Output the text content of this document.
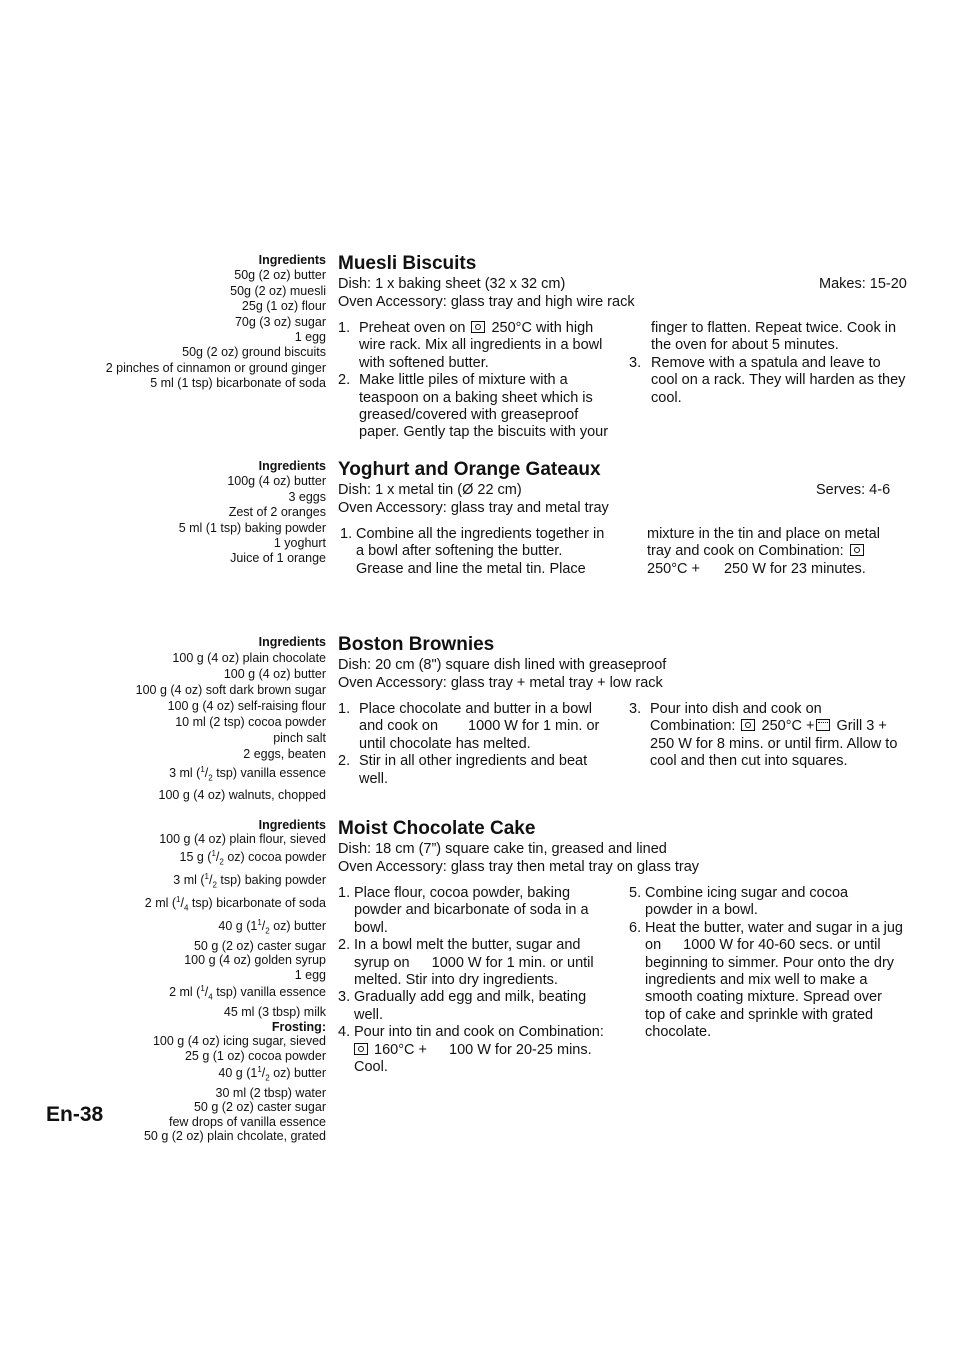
Ingredients
50g (2 oz) butter
50g (2 oz) muesli
25g (1 oz) flour
70g (3 oz) sugar
1 egg
50g (2 oz) ground biscuits
2 pinches of cinnamon or ground ginger
5 ml (1 tsp) bicarbonate of soda
Muesli Biscuits
Dish: 1 x baking sheet (32 x 32 cm)	Makes: 15-20
Oven Accessory: glass tray and high wire rack
1. Preheat oven on 250°C with high
wire rack. Mix all ingredients in a bowl
with softened butter.
2. Make little piles of mixture with a
teaspoon on a baking sheet which is
greased/covered with greaseproof
paper. Gently tap the biscuits with your
finger to flatten. Repeat twice. Cook in
the oven for about 5 minutes.
3. Remove with a spatula and leave to
cool on a rack. They will harden as they
cool.
Ingredients
100g (4 oz) butter
3 eggs
Zest of 2 oranges
5 ml (1 tsp) baking powder
1 yoghurt
Juice of 1 orange
Yoghurt and Orange Gateaux
Dish: 1 x metal tin (Ø 22 cm)	Serves: 4-6
Oven Accessory: glass tray and metal tray
1. Combine all the ingredients together in
a bowl after softening the butter.
Grease and line the metal tin. Place
mixture in the tin and place on metal
tray and cook on Combination:
250°C + 250 W for 23 minutes.
Ingredients
100 g (4 oz) plain chocolate
100 g (4 oz) butter
100 g (4 oz) soft dark brown sugar
100 g (4 oz) self-raising flour
10 ml (2 tsp) cocoa powder
pinch salt
2 eggs, beaten
3 ml ($^1/_2$ tsp) vanilla essence
100 g (4 oz) walnuts, chopped
Boston Brownies
Dish: 20 cm (8") square dish lined with greaseproof
Oven Accessory: glass tray + metal tray + low rack
1. Place chocolate and butter in a bowl
and cook on 1000 W for 1 min. or
until chocolate has melted.
2. Stir in all other ingredients and beat
well.
3. Pour into dish and cook on
Combination: 250°C + Grill 3 +
250 W for 8 mins. or until firm. Allow to
cool and then cut into squares.
Ingredients
100 g (4 oz) plain flour, sieved
15 g ($^1/_2$ oz) cocoa powder
3 ml ($^1/_2$ tsp) baking powder
2 ml ($^1/_4$ tsp) bicarbonate of soda
40 g ($1^1/_2$ oz) butter
50 g (2 oz) caster sugar
100 g (4 oz) golden syrup
1 egg
2 ml ($^1/_4$ tsp) vanilla essence
45 ml (3 tbsp) milk
Frosting:
100 g (4 oz) icing sugar, sieved
25 g (1 oz) cocoa powder
40 g ($1^1/_2$ oz) butter
30 ml (2 tbsp) water
50 g (2 oz) caster sugar
few drops of vanilla essence
50 g (2 oz) plain chcolate, grated
Moist Chocolate Cake
Dish: 18 cm (7”) square cake tin, greased and lined
Oven Accessory: glass tray then metal tray on glass tray
1. Place flour, cocoa powder, baking
powder and bicarbonate of soda in a
bowl.
2. In a bowl melt the butter, sugar and
syrup on 1000 W for 1 min. or until
melted. Stir into dry ingredients.
3. Gradually add egg and milk, beating
well.
4. Pour into tin and cook on Combination:
160°C + 100 W for 20-25 mins.
Cool.
5. Combine icing sugar and cocoa
powder in a bowl.
6. Heat the butter, water and sugar in a jug
on 1000 W for 40-60 secs. or until
beginning to simmer. Pour onto the dry
ingredients and mix well to make a
smooth coating mixture. Spread over
top of cake and sprinkle with grated
chocolate.
En-38
